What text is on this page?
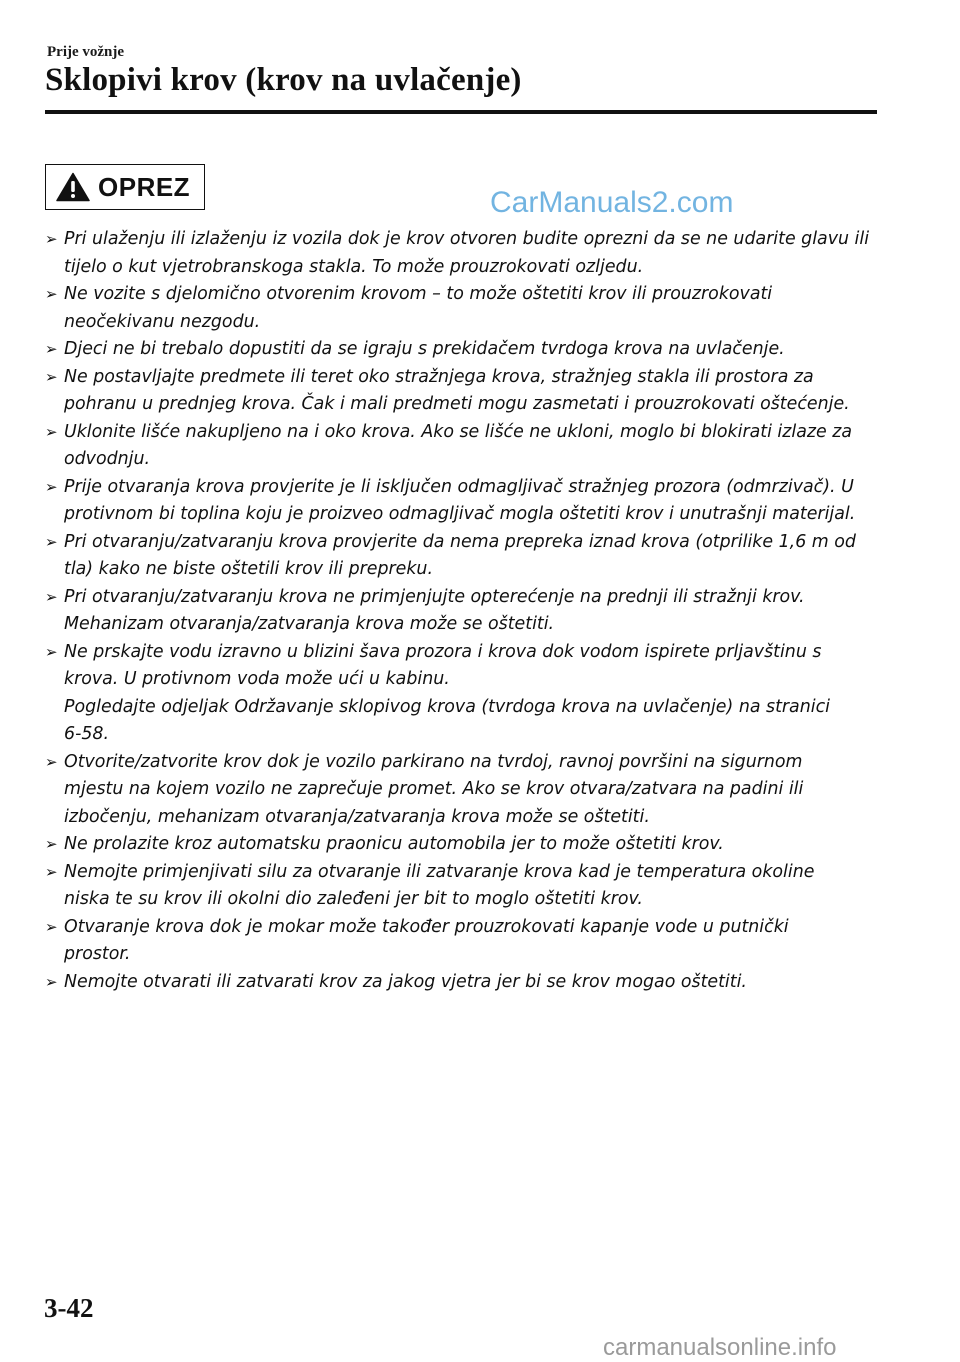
Prije vožnje
Sklopivi krov (krov na uvlačenje)
OPREZ	CarManuals2.com
➢ Pri ulaženju ili izlaženju iz vozila dok je krov otvoren budite oprezni da se ne udarite glavu ili
tijelo o kut vjetrobranskoga stakla. To može prouzrokovati ozljedu.
➢ Ne vozite s djelomično otvorenim krovom – to može oštetiti krov ili prouzrokovati
neočekivanu nezgodu.
➢ Djeci ne bi trebalo dopustiti da se igraju s prekidačem tvrdoga krova na uvlačenje.
➢ Ne postavljajte predmete ili teret oko stražnjega krova, stražnjeg stakla ili prostora za
pohranu u prednjeg krova. Čak i mali predmeti mogu zasmetati i prouzrokovati oštećenje.
➢ Uklonite lišće nakupljeno na i oko krova. Ako se lišće ne ukloni, moglo bi blokirati izlaze za
odvodnju.
➢ Prije otvaranja krova provjerite je li isključen odmagljivač stražnjeg prozora (odmrzivač). U
protivnom bi toplina koju je proizveo odmagljivač mogla oštetiti krov i unutrašnji materijal.
➢ Pri otvaranju/zatvaranju krova provjerite da nema prepreka iznad krova (otprilike 1,6 m od
tla) kako ne biste oštetili krov ili prepreku.
➢ Pri otvaranju/zatvaranju krova ne primjenjujte opterećenje na prednji ili stražnji krov.
Mehanizam otvaranja/zatvaranja krova može se oštetiti.
➢ Ne prskajte vodu izravno u blizini šava prozora i krova dok vodom ispirete prljavštinu s
krova. U protivnom voda može ući u kabinu.
Pogledajte odjeljak Održavanje sklopivog krova (tvrdoga krova na uvlačenje) na stranici
6-58.
➢ Otvorite/zatvorite krov dok je vozilo parkirano na tvrdoj, ravnoj površini na sigurnom
mjestu na kojem vozilo ne zaprečuje promet. Ako se krov otvara/zatvara na padini ili
izbočenju, mehanizam otvaranja/zatvaranja krova može se oštetiti.
➢ Ne prolazite kroz automatsku praonicu automobila jer to može oštetiti krov.
➢ Nemojte primjenjivati silu za otvaranje ili zatvaranje krova kad je temperatura okoline
niska te su krov ili okolni dio zaleđeni jer bit to moglo oštetiti krov.
➢ Otvaranje krova dok je mokar može također prouzrokovati kapanje vode u putnički
prostor.
➢ Nemojte otvarati ili zatvarati krov za jakog vjetra jer bi se krov mogao oštetiti.
3-42
carmanualsonline.info
